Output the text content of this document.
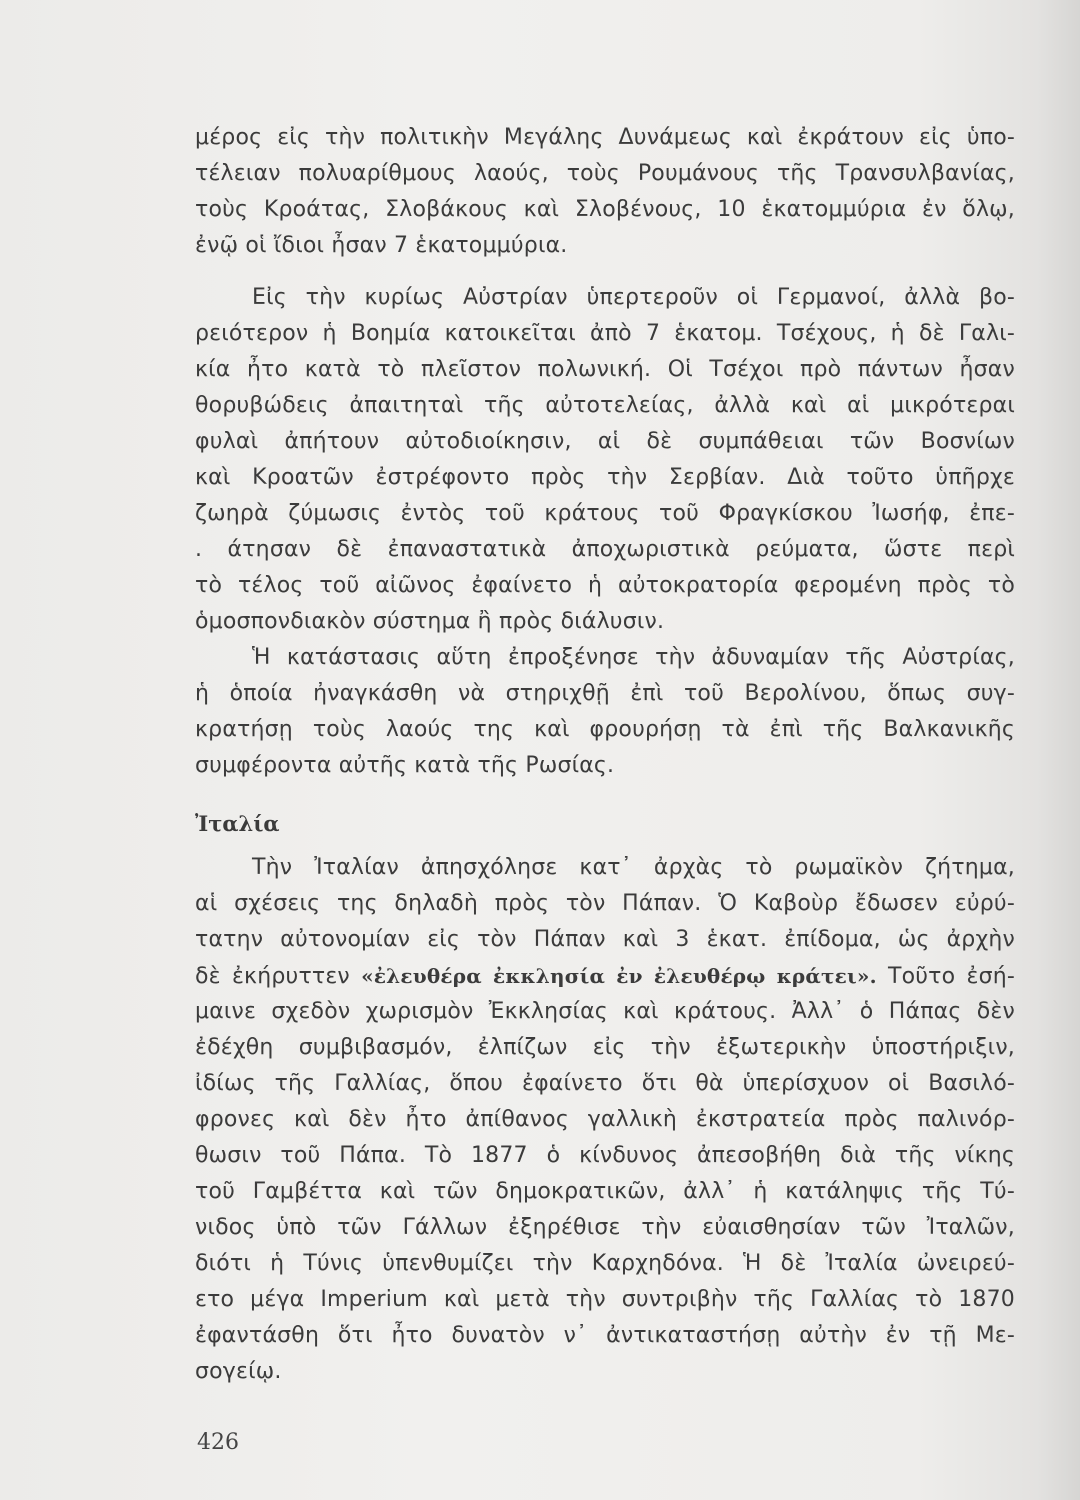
μέρος εἰς τὴν πολιτικὴν Μεγάλης Δυνάμεως καὶ ἐκράτουν εἰς ὑπο-
τέλειαν πολυαρίθμους λαούς, τοὺς Ρουμάνους τῆς Τρανσυλβανίας,
τοὺς Κροάτας, Σλοβάκους καὶ Σλοβένους, 10 ἑκατομμύρια ἐν ὅλῳ,
ἐνῷ οἱ ἴδιοι ἦσαν 7 ἑκατομμύρια.
Εἰς τὴν κυρίως Αὐστρίαν ὑπερτεροῦν οἱ Γερμανοί, ἀλλὰ βο-
ρειότερον ἡ Βοημία κατοικεῖται ἀπὸ 7 ἑκατομ. Τσέχους, ἡ δὲ Γαλι-
κία ἦτο κατὰ τὸ πλεῖστον πολωνική. Οἱ Τσέχοι πρὸ πάντων ἦσαν
θορυβώδεις ἀπαιτηταὶ τῆς αὐτοτελείας, ἀλλὰ καὶ αἱ μικρότεραι
φυλαὶ ἀπήτουν αὐτοδιοίκησιν, αἱ δὲ συμπάθειαι τῶν Βοσνίων
καὶ Κροατῶν ἐστρέφοντο πρὸς τὴν Σερβίαν. Διὰ τοῦτο ὑπῆρχε
ζωηρὰ ζύμωσις ἐντὸς τοῦ κράτους τοῦ Φραγκίσκου Ἰωσήφ, ἐπε-
. άτησαν δὲ ἐπαναστατικὰ ἀποχωριστικὰ ρεύματα, ὥστε περὶ
τὸ τέλος τοῦ αἰῶνος ἐφαίνετο ἡ αὐτοκρατορία φερομένη πρὸς τὸ
ὁμοσπονδιακὸν σύστημα ἢ πρὸς διάλυσιν.
Ἡ κατάστασις αὕτη ἐπροξένησε τὴν ἀδυναμίαν τῆς Αὐστρίας,
ἡ ὁποία ἠναγκάσθη νὰ στηριχθῇ ἐπὶ τοῦ Βερολίνου, ὅπως συγ-
κρατήσῃ τοὺς λαούς της καὶ φρουρήσῃ τὰ ἐπὶ τῆς Βαλκανικῆς
συμφέροντα αὐτῆς κατὰ τῆς Ρωσίας.
Ἰταλία
Τὴν Ἰταλίαν ἀπησχόλησε κατ᾽ ἀρχὰς τὸ ρωμαϊκὸν ζήτημα,
αἱ σχέσεις της δηλαδὴ πρὸς τὸν Πάπαν. Ὁ Καβοὺρ ἔδωσεν εὐρύ-
τατην αὐτονομίαν εἰς τὸν Πάπαν καὶ 3 ἑκατ. ἐπίδομα, ὡς ἀρχὴν
δὲ ἐκήρυττεν «ἐλευθέρα ἐκκλησία ἐν ἐλευθέρῳ κράτει». Τοῦτο ἐσή-
μαινε σχεδὸν χωρισμὸν Ἐκκλησίας καὶ κράτους. Ἀλλ᾽ ὁ Πάπας δὲν
ἐδέχθη συμβιβασμόν, ἐλπίζων εἰς τὴν ἐξωτερικὴν ὑποστήριξιν,
ἰδίως τῆς Γαλλίας, ὅπου ἐφαίνετο ὅτι θὰ ὑπερίσχυον οἱ Βασιλό-
φρονες καὶ δὲν ἦτο ἀπίθανος γαλλικὴ ἐκστρατεία πρὸς παλινόρ-
θωσιν τοῦ Πάπα. Τὸ 1877 ὁ κίνδυνος ἀπεσοβήθη διὰ τῆς νίκης
τοῦ Γαμβέττα καὶ τῶν δημοκρατικῶν, ἀλλ᾽ ἡ κατάληψις τῆς Τύ-
νιδος ὑπὸ τῶν Γάλλων ἐξηρέθισε τὴν εὐαισθησίαν τῶν Ἰταλῶν,
διότι ἡ Τύνις ὑπενθυμίζει τὴν Καρχηδόνα. Ἡ δὲ Ἰταλία ὠνειρεύ-
ετο μέγα Imperium καὶ μετὰ τὴν συντριβὴν τῆς Γαλλίας τὸ 1870
ἐφαντάσθη ὅτι ἦτο δυνατὸν ν᾽ ἀντικαταστήσῃ αὐτὴν ἐν τῇ Με-
σογείῳ.
426
